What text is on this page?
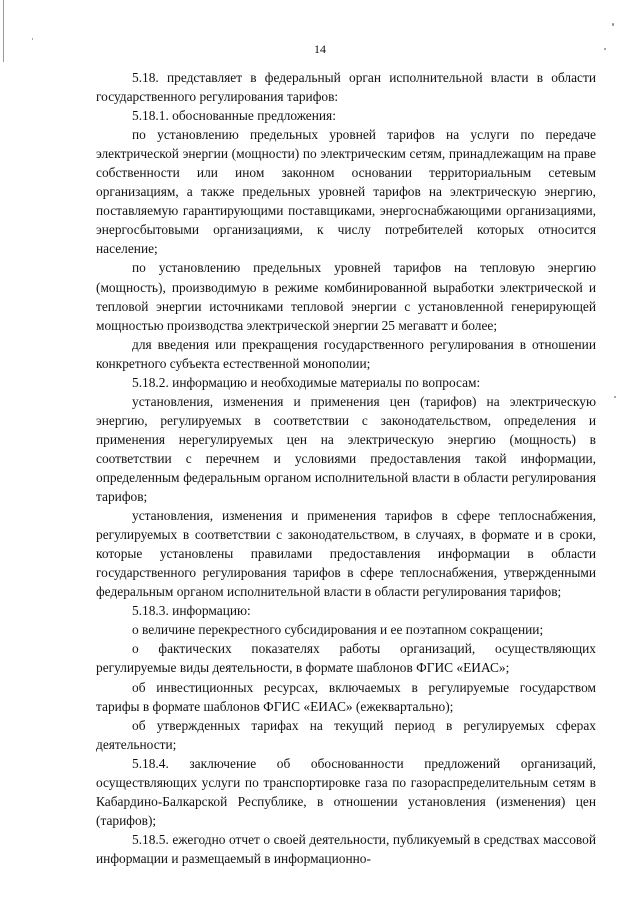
14

5.18. представляет в федеральный орган исполнительной власти в области государственного регулирования тарифов:

5.18.1. обоснованные предложения:

по установлению предельных уровней тарифов на услуги по передаче электрической энергии (мощности) по электрическим сетям, принадлежащим на праве собственности или ином законном основании территориальным сетевым организациям, а также предельных уровней тарифов на электрическую энергию, поставляемую гарантирующими поставщиками, энергоснабжающими организациями, энергосбытовыми организациями, к числу потребителей которых относится население;

по установлению предельных уровней тарифов на тепловую энергию (мощность), производимую в режиме комбинированной выработки электрической и тепловой энергии источниками тепловой энергии с установленной генерирующей мощностью производства электрической энергии 25 мегаватт и более;

для введения или прекращения государственного регулирования в отношении конкретного субъекта естественной монополии;

5.18.2. информацию и необходимые материалы по вопросам:

установления, изменения и применения цен (тарифов) на электрическую энергию, регулируемых в соответствии с законодательством, определения и применения нерегулируемых цен на электрическую энергию (мощность) в соответствии с перечнем и условиями предоставления такой информации, определенным федеральным органом исполнительной власти в области регулирования тарифов;

установления, изменения и применения тарифов в сфере теплоснабжения, регулируемых в соответствии с законодательством, в случаях, в формате и в сроки, которые установлены правилами предоставления информации в области государственного регулирования тарифов в сфере теплоснабжения, утвержденными федеральным органом исполнительной власти в области регулирования тарифов;

5.18.3. информацию:

о величине перекрестного субсидирования и ее поэтапном сокращении;

о фактических показателях работы организаций, осуществляющих регулируемые виды деятельности, в формате шаблонов ФГИС «ЕИАС»;

об инвестиционных ресурсах, включаемых в регулируемые государством тарифы в формате шаблонов ФГИС «ЕИАС» (ежеквартально);

об утвержденных тарифах на текущий период в регулируемых сферах деятельности;

5.18.4. заключение об обоснованности предложений организаций, осуществляющих услуги по транспортировке газа по газораспределительным сетям в Кабардино-Балкарской Республике, в отношении установления (изменения) цен (тарифов);

5.18.5. ежегодно отчет о своей деятельности, публикуемый в средствах массовой информации и размещаемый в информационно-
